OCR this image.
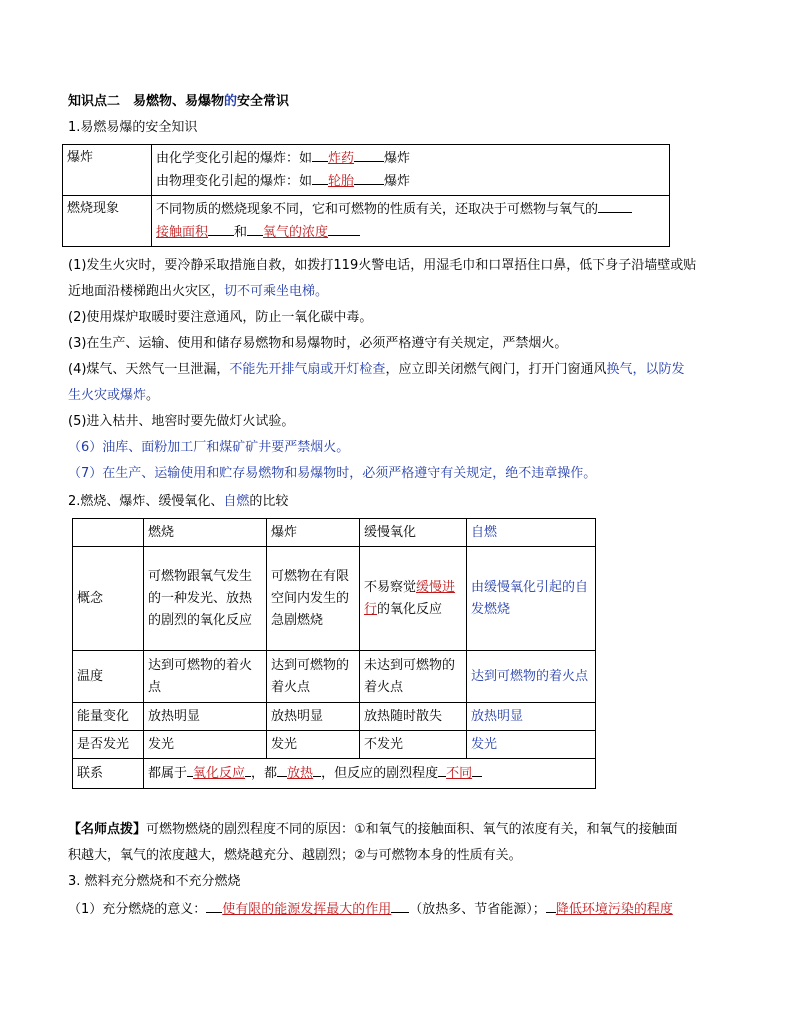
知识点二　易燃物、易爆物的安全常识
1.易燃易爆的安全知识
爆炸	由化学变化引起的爆炸：如 炸药 爆炸
由物理变化引起的爆炸：如 轮胎 爆炸

燃烧现象	不同物质的燃烧现象不同，它和可燃物的性质有关，还取决于可燃物与氧气的
接触面积 和 氧气的浓度
(1)发生火灾时，要冷静采取措施自救，如拨打119火警电话，用湿毛巾和口罩捂住口鼻，低下身子沿墙壁或贴
近地面沿楼梯跑出火灾区，切不可乘坐电梯。
(2)使用煤炉取暖时要注意通风，防止一氧化碳中毒。
(3)在生产、运输、使用和储存易燃物和易爆物时，必须严格遵守有关规定，严禁烟火。
(4)煤气、天然气一旦泄漏，不能先开排气扇或开灯检查，应立即关闭燃气阀门，打开门窗通风换气，以防发
生火灾或爆炸。
(5)进入枯井、地窖时要先做灯火试验。
（6）油库、面粉加工厂和煤矿矿井要严禁烟火。
（7）在生产、运输使用和贮存易燃物和易爆物时，必须严格遵守有关规定，绝不违章操作。
2.燃烧、爆炸、缓慢氧化、自燃的比较
	燃烧	爆炸	缓慢氧化	自燃
概念	可燃物跟氧气发生的一种发光、放热的剧烈的氧化反应	可燃物在有限空间内发生的急剧燃烧	不易察觉缓慢进行的氧化反应	由缓慢氧化引起的自发燃烧
温度	达到可燃物的着火点	达到可燃物的着火点	未达到可燃物的着火点	达到可燃物的着火点
能量变化	放热明显	放热明显	放热随时散失	放热明显
是否发光	发光	发光	不发光	发光
联系	都属于 氧化反应 ，都 放热 ，但反应的剧烈程度 不同			
【名师点拨】可燃物燃烧的剧烈程度不同的原因：①和氧气的接触面积、氧气的浓度有关，和氧气的接触面
积越大，氧气的浓度越大，燃烧越充分、越剧烈；②与可燃物本身的性质有关。
3. 燃料充分燃烧和不充分燃烧
（1）充分燃烧的意义： 使有限的能源发挥最大的作用 （放热多、节省能源）； 降低环境污染的程度
